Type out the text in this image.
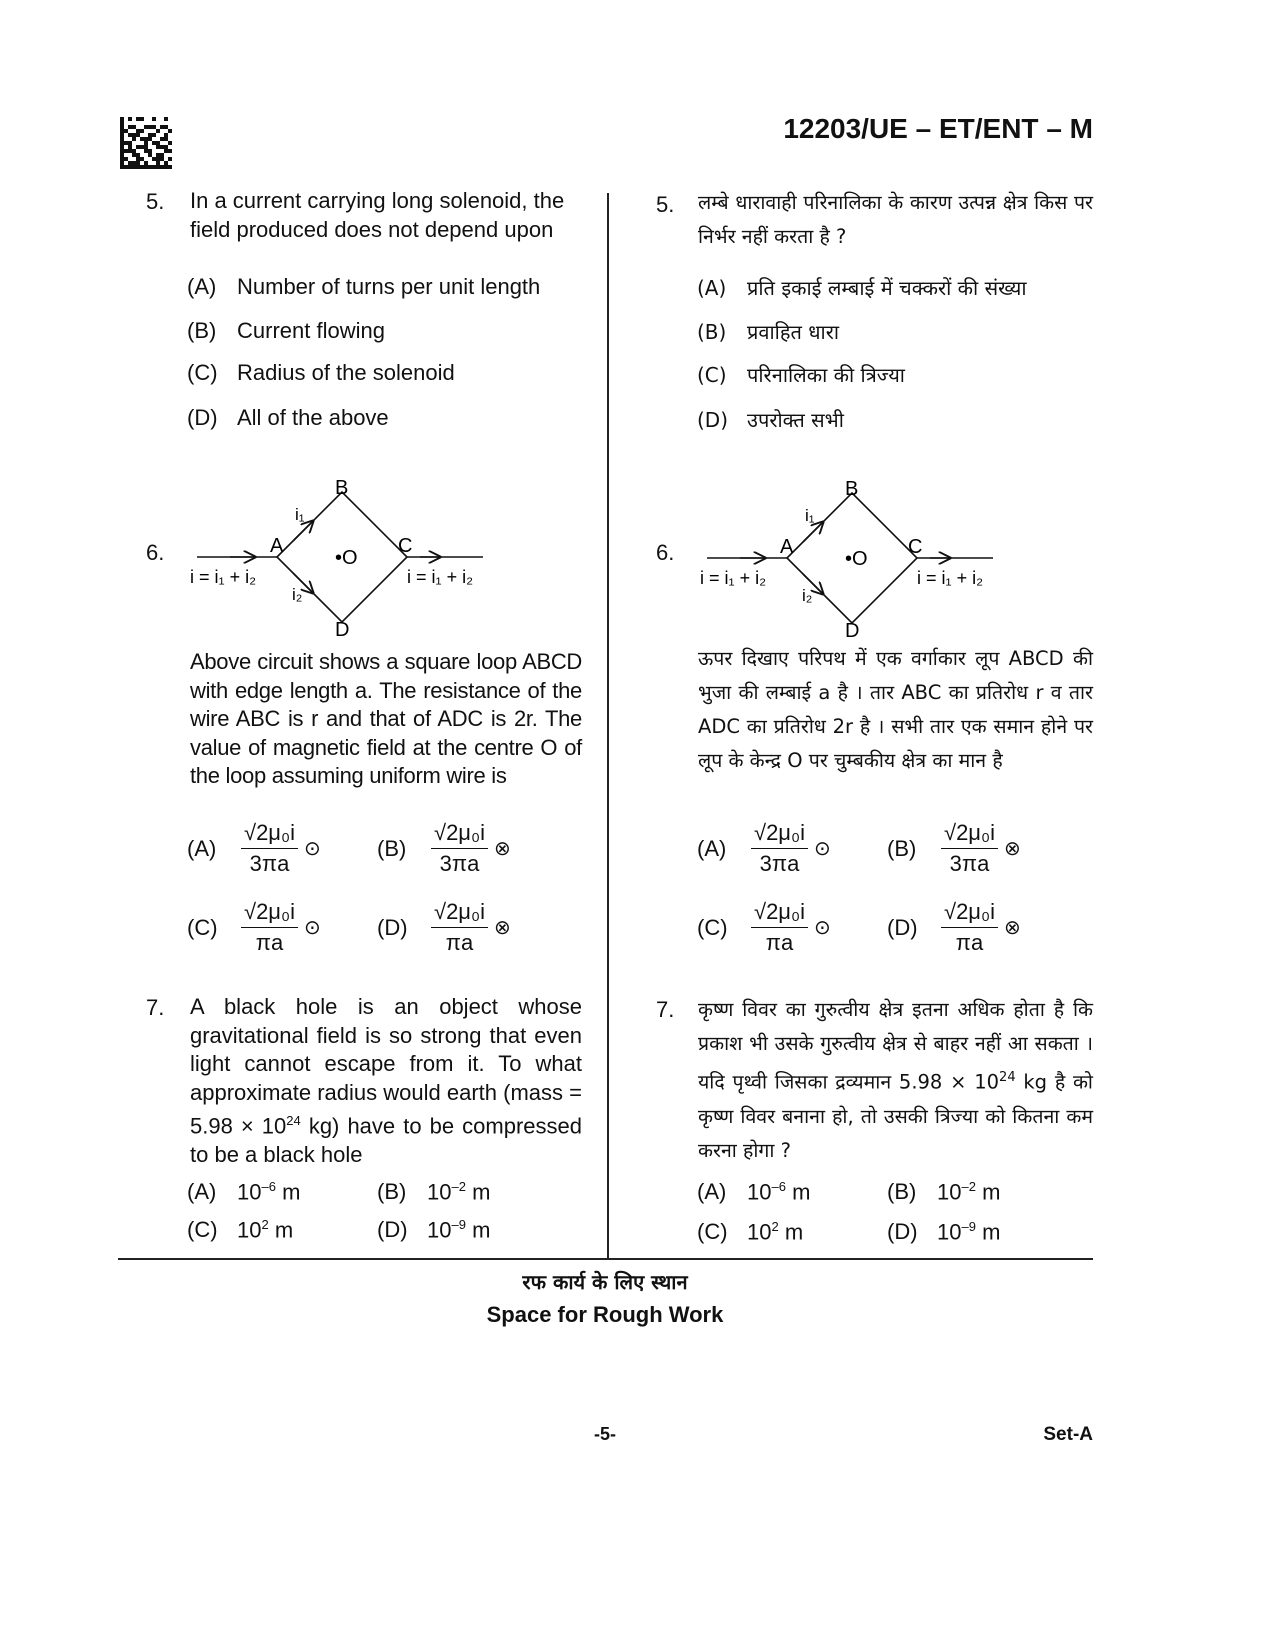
12203/UE – ET/ENT – M
5. In a current carrying long solenoid, the field produced does not depend upon
(A) Number of turns per unit length
(B) Current flowing
(C) Radius of the solenoid
(D) All of the above
6.
B
A	C
D
•O
i₁
i₂
i = i₁ + i₂	i = i₁ + i₂
Above circuit shows a square loop ABCD with edge length a. The resistance of the wire ABC is r and that of ADC is 2r. The value of magnetic field at the centre O of the loop assuming uniform wire is
(A)	$\frac{\text{√2μ₀i}}{3\pi a}$ ⊙	(B)	$\frac{\text{√2μ₀i}}{3\pi a}$ ⊗
(C)	$\frac{\text{√2μ₀i}}{\pi a}$ ⊙	(D)	$\frac{\text{√2μ₀i}}{\pi a}$ ⊗
7. A black hole is an object whose gravitational field is so strong that even light cannot escape from it. To what approximate radius would earth (mass = $5.98 \times 10^{24}$ kg) have to be compressed to be a black hole
(A) $10^{-6}$ m	(B) $10^{-2}$ m
(C) $10^2$ m	(D) $10^{-9}$ m
5. लम्बे धारावाही परिनालिका के कारण उत्पन्न क्षेत्र किस पर निर्भर नहीं करता है ?
(A) प्रति इकाई लम्बाई में चक्करों की संख्या
(B) प्रवाहित धारा
(C) परिनालिका की त्रिज्या
(D) उपरोक्त सभी
6.
B
A	C
D
•O
i₁
i₂
i = i₁ + i₂	i = i₁ + i₂
ऊपर दिखाए परिपथ में एक वर्गाकार लूप ABCD की भुजा की लम्बाई a है । तार ABC का प्रतिरोध r व तार ADC का प्रतिरोध 2r है । सभी तार एक समान होने पर लूप के केन्द्र O पर चुम्बकीय क्षेत्र का मान है
(A)	$\frac{\text{√2μ₀i}}{3\pi a}$ ⊙	(B)	$\frac{\text{√2μ₀i}}{3\pi a}$ ⊗
(C)	$\frac{\text{√2μ₀i}}{\pi a}$ ⊙	(D)	$\frac{\text{√2μ₀i}}{\pi a}$ ⊗
7. कृष्ण विवर का गुरुत्वीय क्षेत्र इतना अधिक होता है कि प्रकाश भी उसके गुरुत्वीय क्षेत्र से बाहर नहीं आ सकता । यदि पृथ्वी जिसका द्रव्यमान $5.98 \times 10^{24}$ kg है को कृष्ण विवर बनाना हो, तो उसकी त्रिज्या को कितना कम करना होगा ?
(A) $10^{-6}$ m	(B) $10^{-2}$ m
(C) $10^2$ m	(D) $10^{-9}$ m
रफ कार्य के लिए स्थान
Space for Rough Work
-5-	Set-A
